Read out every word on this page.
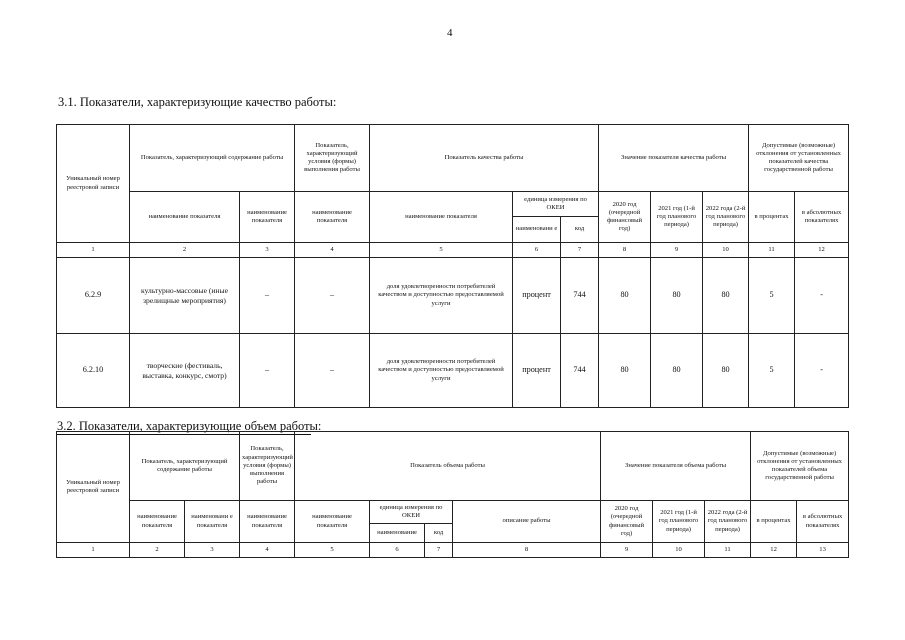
4
3.1. Показатели, характеризующие качество работы:
Уникальный номер реестровой записи	Показатель, характеризующий содержание работы		Показатель, характеризующий условия (формы) выполнения работы	Показатель качества работы			Значение показателя качества работы			Допустимые (возможные) отклонения от установленных показателей качества государственной работы	
	наименование показателя	наименование показателя	наименование показателя	наименование показателя	единица измерения по ОКЕИ		2020 год (очередной финансовый год)	2021 год (1-й год планового периода)	2022 года (2-й год планового периода)	в процентах	в абсолютных показателях
					наименовани е	код					
1	2	3	4	5	6	7	8	9	10	11	12
6.2.9	культурно-массовые (иные зрелищные мероприятия)	–	–	доля удовлетворенности потребителей качеством и доступностью предоставляемой услуги	процент	744	80	80	80	5	-
6.2.10	творческие (фестиваль, выставка, конкурс, смотр)	–	–	доля удовлетворенности потребителей качеством и доступностью предоставляемой услуги	процент	744	80	80	80	5	-
3.2. Показатели, характеризующие объем работы:
Уникальный номер реестровой записи	Показатель, характеризующий содержание работы		Показатель, характеризующий условия (формы) выполнения работы	Показатель объема работы				Значение показателя объема работы			Допустимые (возможные) отклонения от установленных показателей объема государственной работы	
	наименование показателя	наименовани е показателя	наименование показателя	наименование показателя	единица измерения по ОКЕИ		описание работы	2020 год (очередной финансовый год)	2021 год (1-й год планового периода)	2022 года (2-й год планового периода)	в процентах	в абсолютных показателях
					наименование	код						
1	2	3	4	5	6	7	8	9	10	11	12	13
